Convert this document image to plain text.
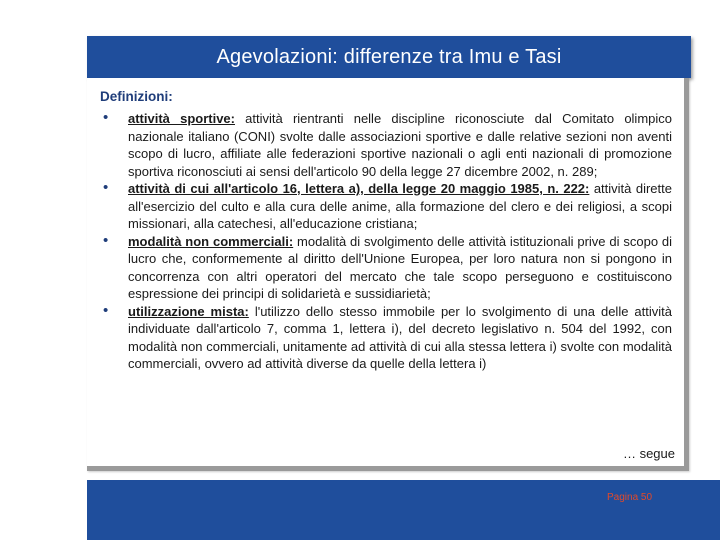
Agevolazioni: differenze tra Imu e Tasi
Definizioni:
• attività sportive: attività rientranti nelle discipline riconosciute dal Comitato olimpico nazionale italiano (CONI) svolte dalle associazioni sportive e dalle relative sezioni non aventi scopo di lucro, affiliate alle federazioni sportive nazionali o agli enti nazionali di promozione sportiva riconosciuti ai sensi dell'articolo 90 della legge 27 dicembre 2002, n. 289;
• attività di cui all'articolo 16, lettera a), della legge 20 maggio 1985, n. 222: attività dirette all'esercizio del culto e alla cura delle anime, alla formazione del clero e dei religiosi, a scopi missionari, alla catechesi, all'educazione cristiana;
• modalità non commerciali: modalità di svolgimento delle attività istituzionali prive di scopo di lucro che, conformemente al diritto dell'Unione Europea, per loro natura non si pongono in concorrenza con altri operatori del mercato che tale scopo perseguono e costituiscono espressione dei principi di solidarietà e sussidiarietà;
• utilizzazione mista: l'utilizzo dello stesso immobile per lo svolgimento di una delle attività individuate dall'articolo 7, comma 1, lettera i), del decreto legislativo n. 504 del 1992, con modalità non commerciali, unitamente ad attività di cui alla stessa lettera i) svolte con modalità commerciali, ovvero ad attività diverse da quelle della lettera i)
… segue
Pagina 50
